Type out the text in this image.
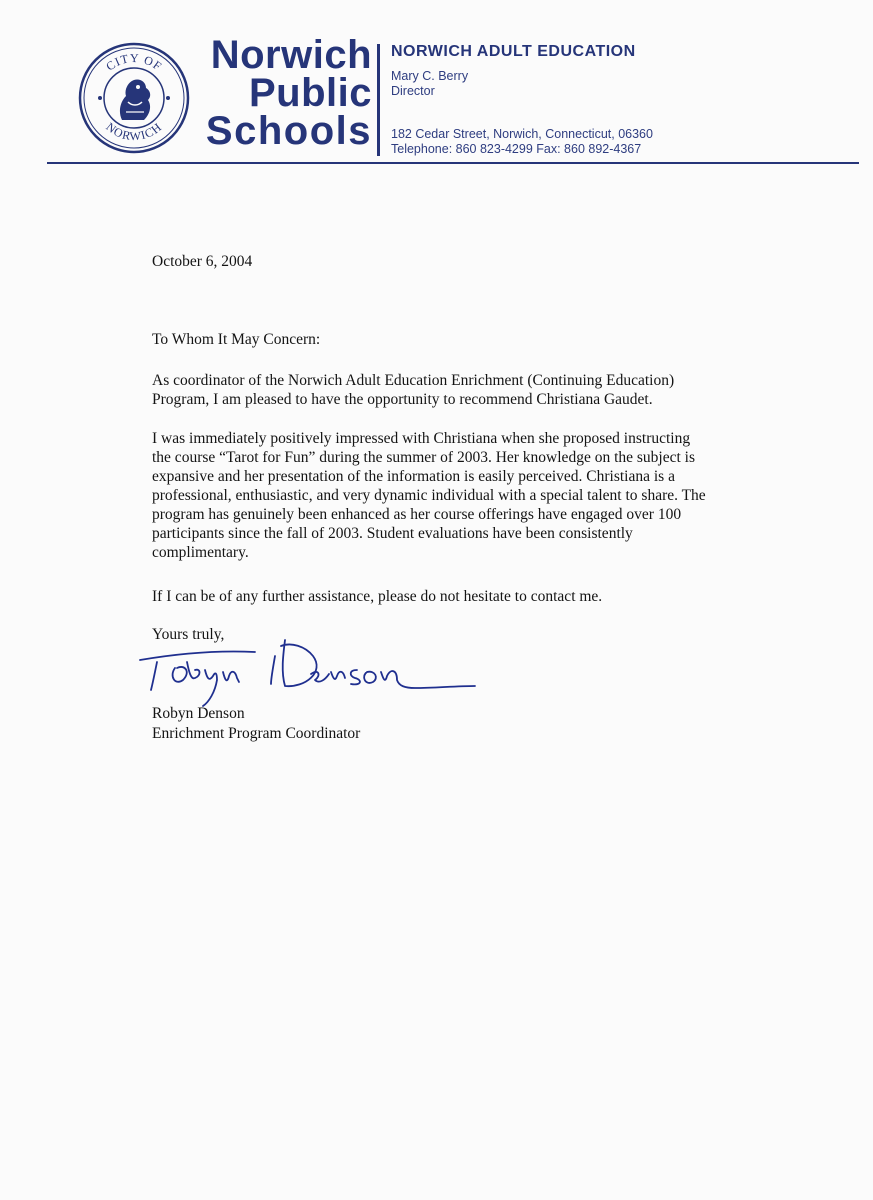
CITY OF
NORWICH
Norwich
Public
Schools
NORWICH ADULT EDUCATION
Mary C. Berry
Director
182 Cedar Street, Norwich, Connecticut, 06360
Telephone: 860 823-4299 Fax: 860 892-4367
October 6, 2004
To Whom It May Concern:
As coordinator of the Norwich Adult Education Enrichment (Continuing Education)
Program, I am pleased to have the opportunity to recommend Christiana Gaudet.
I was immediately positively impressed with Christiana when she proposed instructing
the course “Tarot for Fun” during the summer of 2003. Her knowledge on the subject is
expansive and her presentation of the information is easily perceived. Christiana is a
professional, enthusiastic, and very dynamic individual with a special talent to share. The
program has genuinely been enhanced as her course offerings have engaged over 100
participants since the fall of 2003. Student evaluations have been consistently
complimentary.
If I can be of any further assistance, please do not hesitate to contact me.
Yours truly,
Robyn Denson
Enrichment Program Coordinator
